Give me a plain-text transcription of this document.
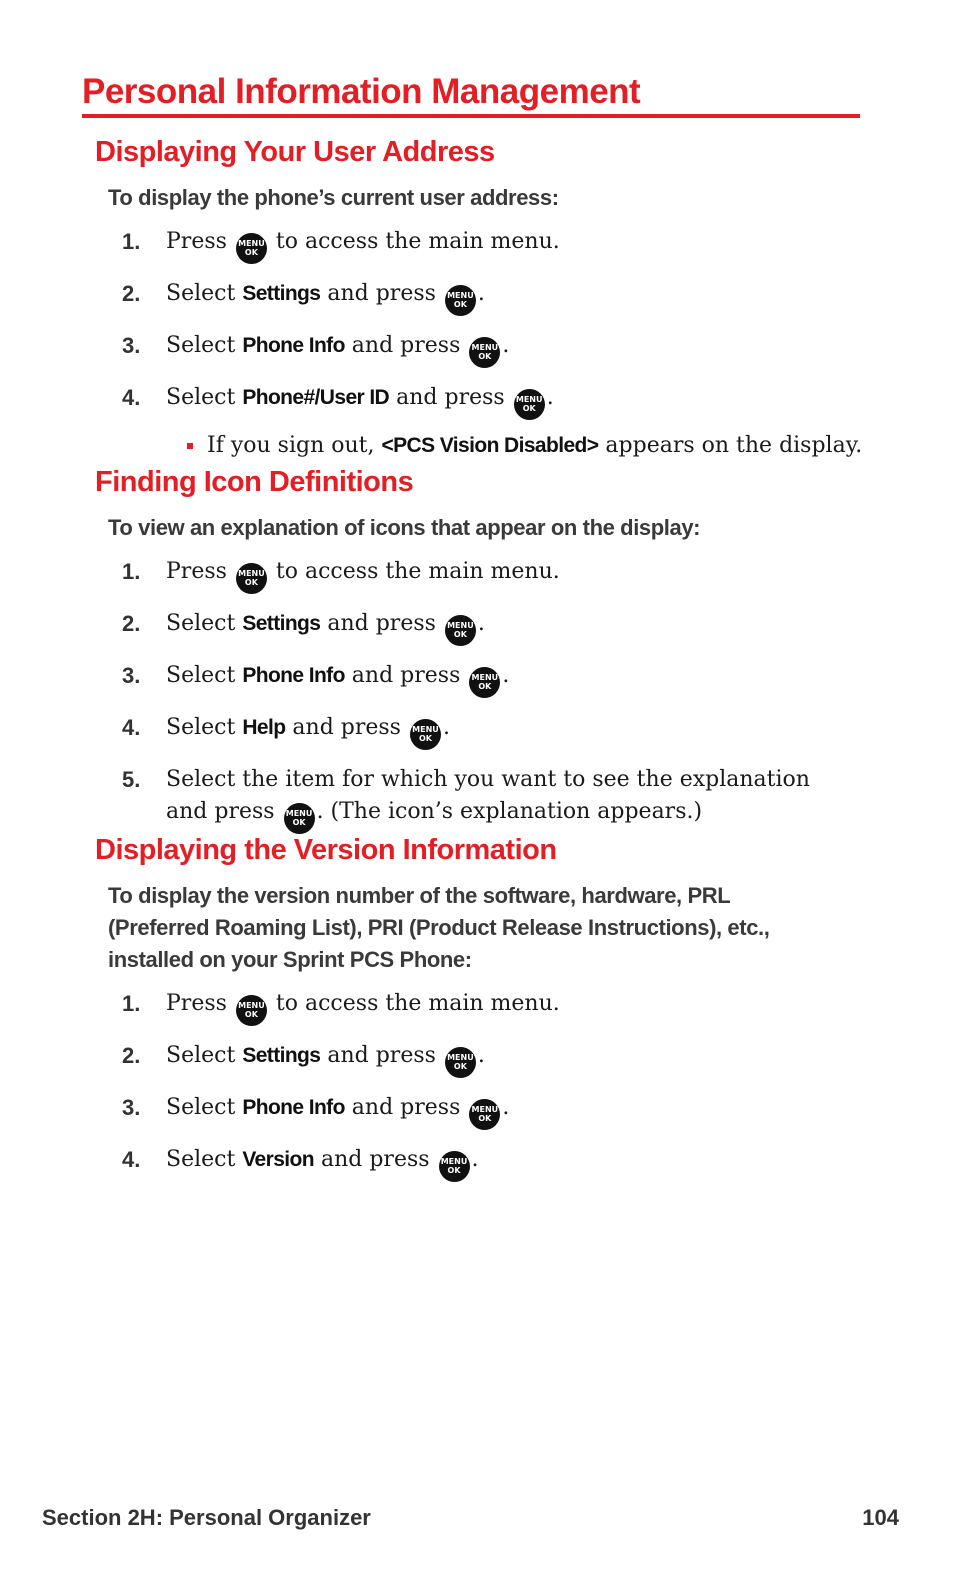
Personal Information Management
Displaying Your User Address
To display the phone’s current user address:
1. Press MENU
OK to access the main menu.
2. Select Settings and press MENU
OK .
3. Select Phone Info and press MENU
OK .
4. Select Phone#/User ID and press MENU
OK .
If you sign out, <PCS Vision Disabled> appears on the display.
Finding Icon Definitions
To view an explanation of icons that appear on the display:
1. Press MENU
OK to access the main menu.
2. Select Settings and press MENU
OK .
3. Select Phone Info and press MENU
OK .
4. Select Help and press MENU
OK .
5. Select the item for which you want to see the explanation and press MENU
OK . (The icon’s explanation appears.)
Displaying the Version Information
To display the version number of the software, hardware, PRL (Preferred Roaming List), PRI (Product Release Instructions), etc., installed on your Sprint PCS Phone:
1. Press MENU
OK to access the main menu.
2. Select Settings and press MENU
OK .
3. Select Phone Info and press MENU
OK .
4. Select Version and press MENU
OK .
Section 2H: Personal Organizer	104
